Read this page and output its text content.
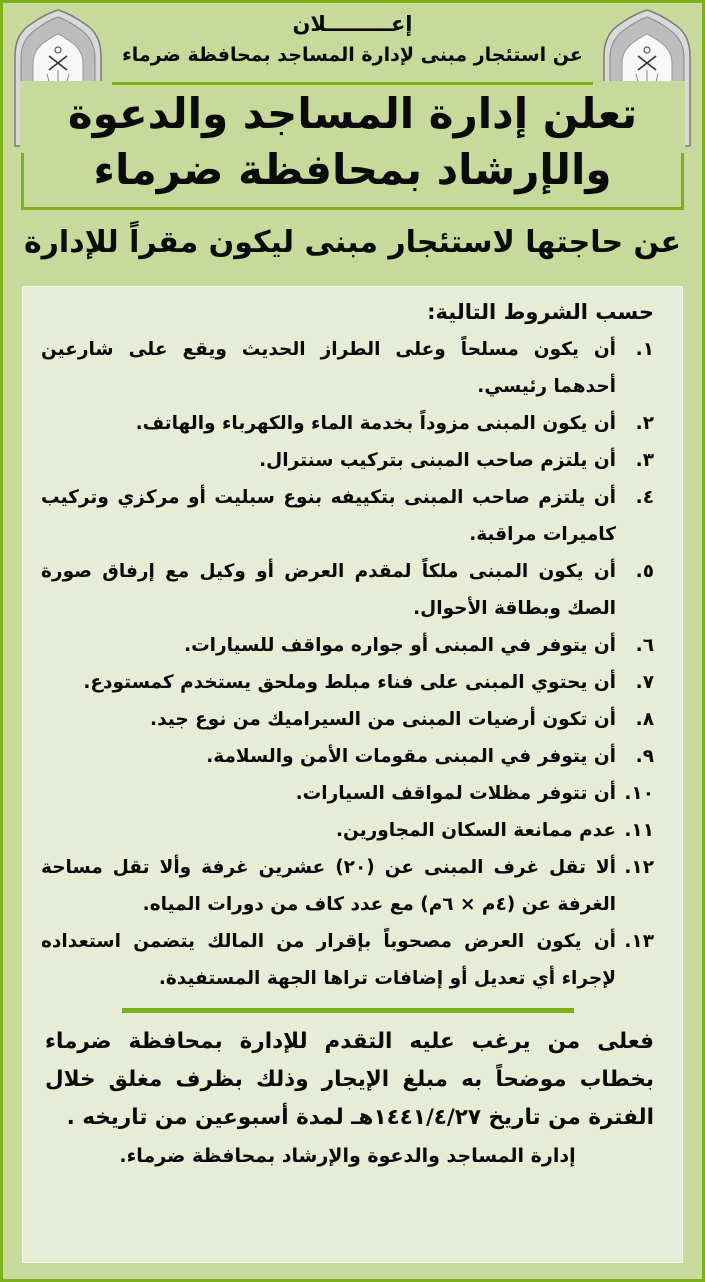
إعـــــــــلان
عن استئجار مبنى لإدارة المساجد بمحافظة ضرماء
تعلن إدارة المساجد والدعوة
والإرشاد بمحافظة ضرماء
عن حاجتها لاستئجار مبنى ليكون مقراً للإدارة
حسب الشروط التالية:
١.
أن يكون مسلحاً وعلى الطراز الحديث ويقع على شارعين أحدهما رئيسي.
٢.
أن يكون المبنى مزوداً بخدمة الماء والكهرباء والهاتف.
٣.
أن يلتزم صاحب المبنى بتركيب سنترال.
٤.
أن يلتزم صاحب المبنى بتكييفه بنوع سبليت أو مركزي وتركيب كاميرات مراقبة.
٥.
أن يكون المبنى ملكاً لمقدم العرض أو وكيل مع إرفاق صورة الصك وبطاقة الأحوال.
٦.
أن يتوفر في المبنى أو جواره مواقف للسيارات.
٧.
أن يحتوي المبنى على فناء مبلط وملحق يستخدم كمستودع.
٨.
أن تكون أرضيات المبنى من السيراميك من نوع جيد.
٩.
أن يتوفر في المبنى مقومات الأمن والسلامة.
١٠.
أن تتوفر مظلات لمواقف السيارات.
١١.
عدم ممانعة السكان المجاورين.
١٢.
ألا تقل غرف المبنى عن (٢٠) عشرين غرفة وألا تقل مساحة الغرفة عن (٤م × ٦م) مع عدد كاف من دورات المياه.
١٣.
أن يكون العرض مصحوباً بإقرار من المالك يتضمن استعداده لإجراء أي تعديل أو إضافات تراها الجهة المستفيدة.
فعلى من يرغب عليه التقدم للإدارة بمحافظة ضرماء بخطاب موضحاً به مبلغ الإيجار وذلك بظرف مغلق خلال الفترة من تاريخ ١٤٤١/٤/٢٧هـ لمدة أسبوعين من تاريخه .
إدارة المساجد والدعوة والإرشاد بمحافظة ضرماء.
